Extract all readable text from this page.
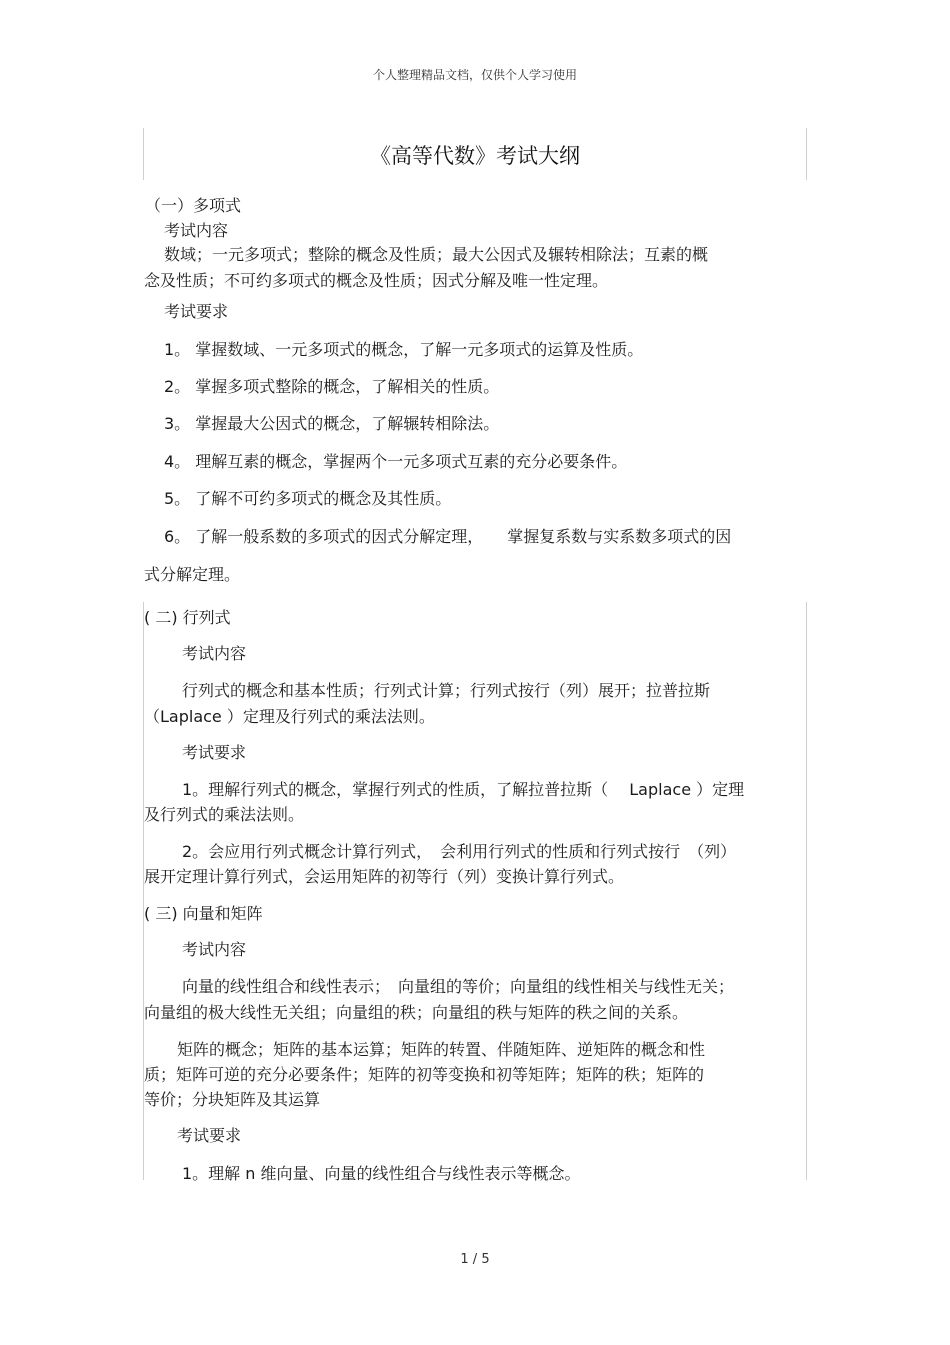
个人整理精品文档，仅供个人学习使用
《高等代数》考试大纲
（一）多项式
考试内容
数域；一元多项式；整除的概念及性质；最大公因式及辗转相除法；互素的概
念及性质；不可约多项式的概念及性质；因式分解及唯一性定理。
考试要求
1。 掌握数域、一元多项式的概念，了解一元多项式的运算及性质。
2。 掌握多项式整除的概念，了解相关的性质。
3。 掌握最大公因式的概念，了解辗转相除法。
4。 理解互素的概念，掌握两个一元多项式互素的充分必要条件。
5。 了解不可约多项式的概念及其性质。
6。 了解一般系数的多项式的因式分解定理，　　掌握复系数与实系数多项式的因
式分解定理。
( 二) 行列式
考试内容
行列式的概念和基本性质；行列式计算；行列式按行（列）展开；拉普拉斯
（Laplace ）定理及行列式的乘法法则。
考试要求
1。理解行列式的概念，掌握行列式的性质，了解拉普拉斯（　 Laplace ）定理
及行列式的乘法法则。
2。会应用行列式概念计算行列式，　会利用行列式的性质和行列式按行　（列）
展开定理计算行列式，会运用矩阵的初等行（列）变换计算行列式。
( 三) 向量和矩阵
考试内容
向量的线性组合和线性表示；　向量组的等价；向量组的线性相关与线性无关；
向量组的极大线性无关组；向量组的秩；向量组的秩与矩阵的秩之间的关系。
矩阵的概念；矩阵的基本运算；矩阵的转置、伴随矩阵、逆矩阵的概念和性
质；矩阵可逆的充分必要条件；矩阵的初等变换和初等矩阵；矩阵的秩；矩阵的
等价；分块矩阵及其运算
考试要求
1。理解 n 维向量、向量的线性组合与线性表示等概念。
1 / 5
